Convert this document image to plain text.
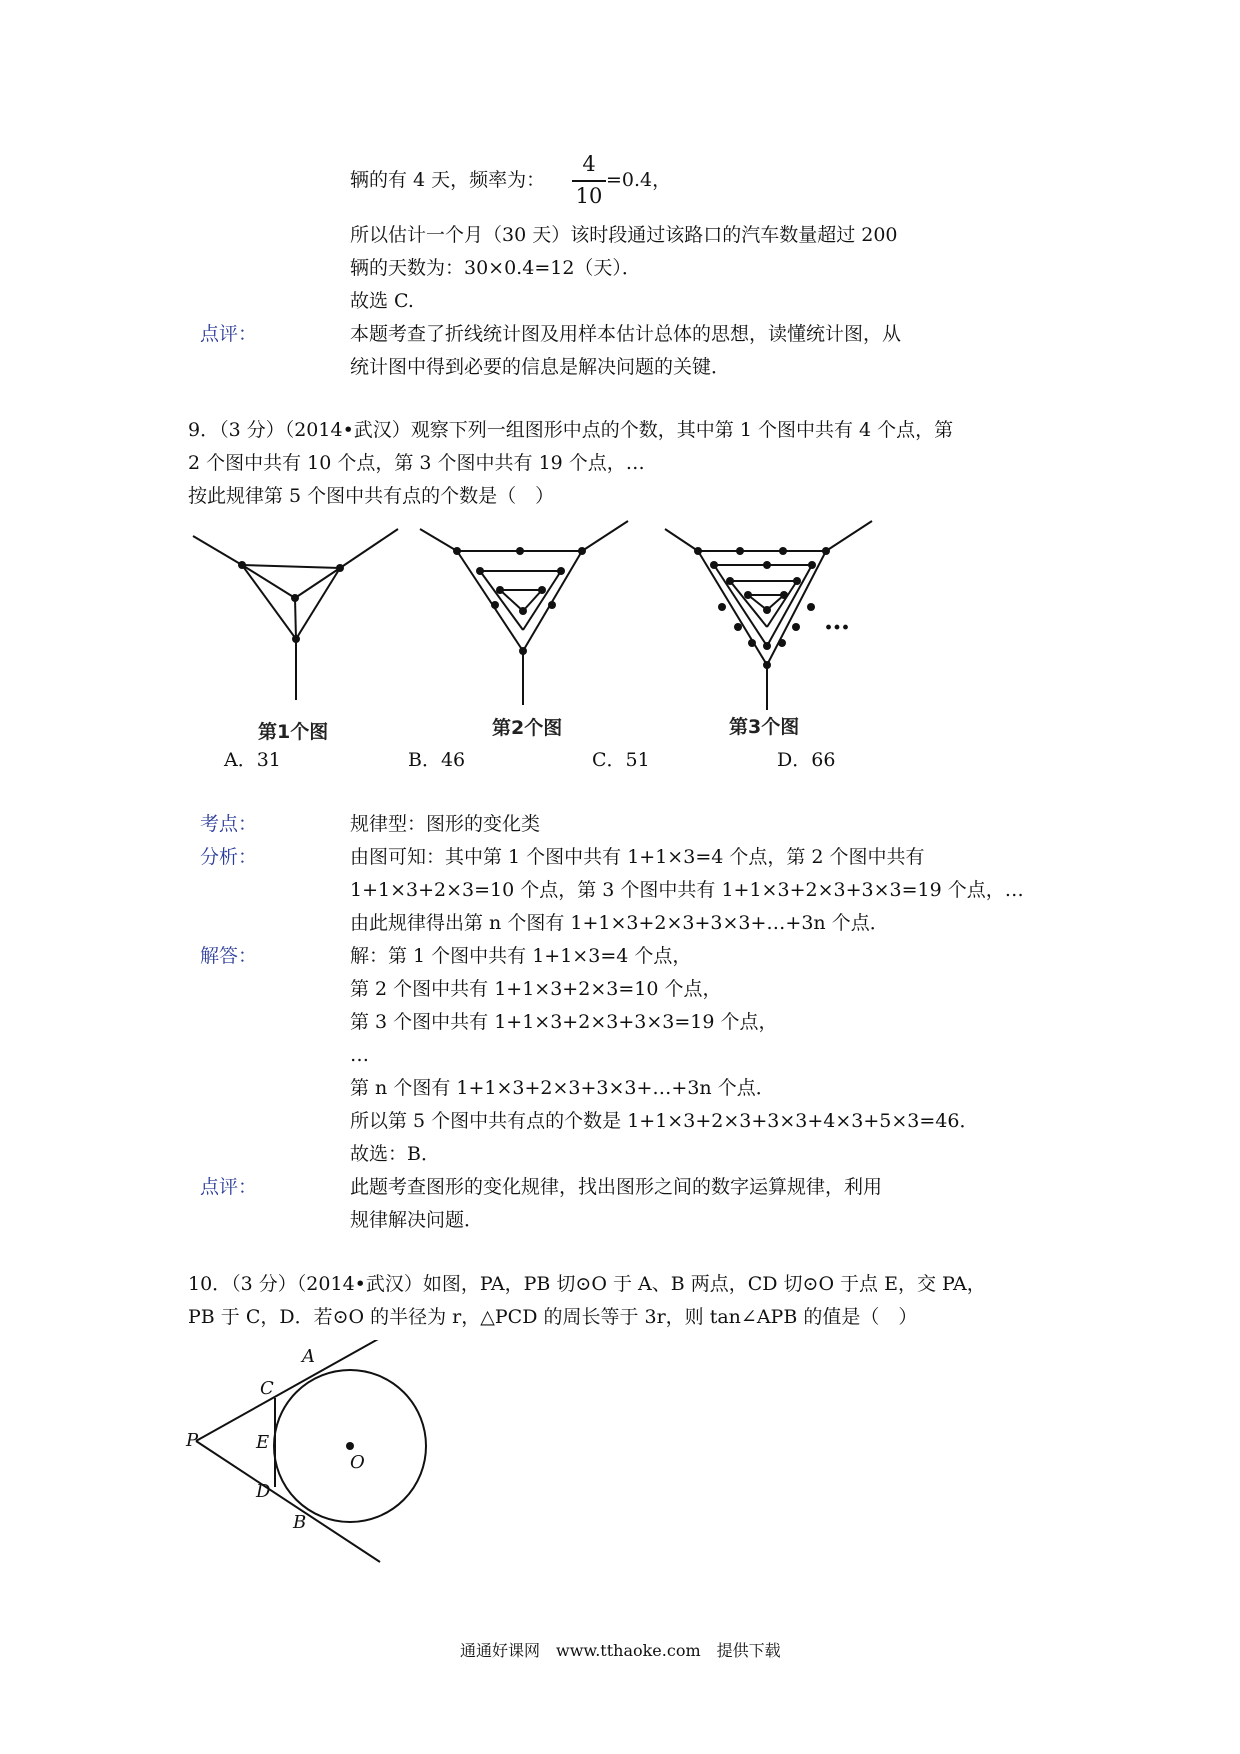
辆的有 4 天，频率为：
4
10
=0.4，
所以估计一个月（30 天）该时段通过该路口的汽车数量超过 200
辆的天数为：30×0.4=12（天）．
故选 C.
点评：	本题考查了折线统计图及用样本估计总体的思想，读懂统计图，从
统计图中得到必要的信息是解决问题的关键．
9．（3 分）（2014•武汉）观察下列一组图形中点的个数，其中第 1 个图中共有 4 个点，第
2 个图中共有 10 个点，第 3 个图中共有 19 个点，…
按此规律第 5 个图中共有点的个数是（　）
第1个图	第2个图	第3个图
…
A．31	B．46	C．51	D．66
考点：	规律型：图形的变化类
分析：	由图可知：其中第 1 个图中共有 1+1×3=4 个点，第 2 个图中共有
1+1×3+2×3=10 个点，第 3 个图中共有 1+1×3+2×3+3×3=19 个点，…
由此规律得出第 n 个图有 1+1×3+2×3+3×3+…+3n 个点．
解答：	解：第 1 个图中共有 1+1×3=4 个点，
第 2 个图中共有 1+1×3+2×3=10 个点，
第 3 个图中共有 1+1×3+2×3+3×3=19 个点，
…
第 n 个图有 1+1×3+2×3+3×3+…+3n 个点．
所以第 5 个图中共有点的个数是 1+1×3+2×3+3×3+4×3+5×3=46．
故选：B．
点评：	此题考查图形的变化规律，找出图形之间的数字运算规律，利用
规律解决问题．
10．（3 分）（2014•武汉）如图，PA，PB 切⊙O 于 A、B 两点，CD 切⊙O 于点 E，交 PA，
PB 于 C，D．若⊙O 的半径为 r，△PCD 的周长等于 3r，则 tan∠APB 的值是（　）
P
A
C
E
O
D
B
通通好课网　www.tthaoke.com　提供下载
